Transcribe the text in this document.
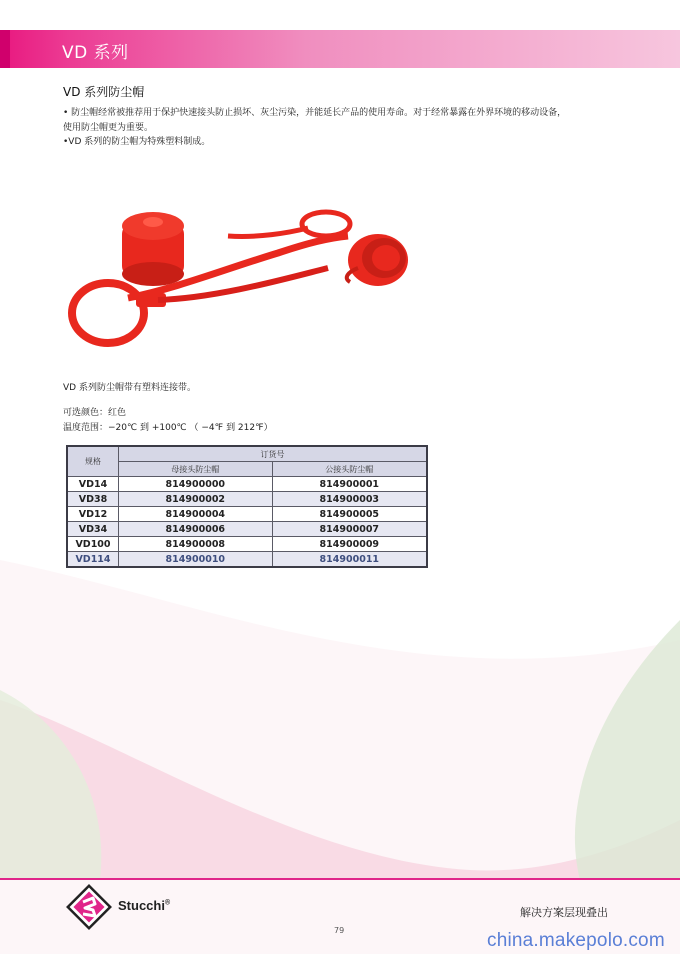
VD 系列
VD 系列防尘帽

• 防尘帽经常被推荐用于保护快速接头防止损坏、灰尘污染，并能延长产品的使用寿命。对于经常暴露在外界环境的移动设备，

使用防尘帽更为重要。

•VD 系列的防尘帽为特殊塑料制成。

VD 系列防尘帽带有塑料连接带。

可选颜色：红色

温度范围：−20℃ 到 +100℃ （ −4℉ 到 212℉）

规格	订货号	
	母接头防尘帽	公接头防尘帽
VD14	814900000	814900001
VD38	814900002	814900003
VD12	814900004	814900005
VD34	814900006	814900007
VD100	814900008	814900009
VD114	814900010	814900011
Stucchi®
解决方案层现叠出
79	china.makepolo.com
